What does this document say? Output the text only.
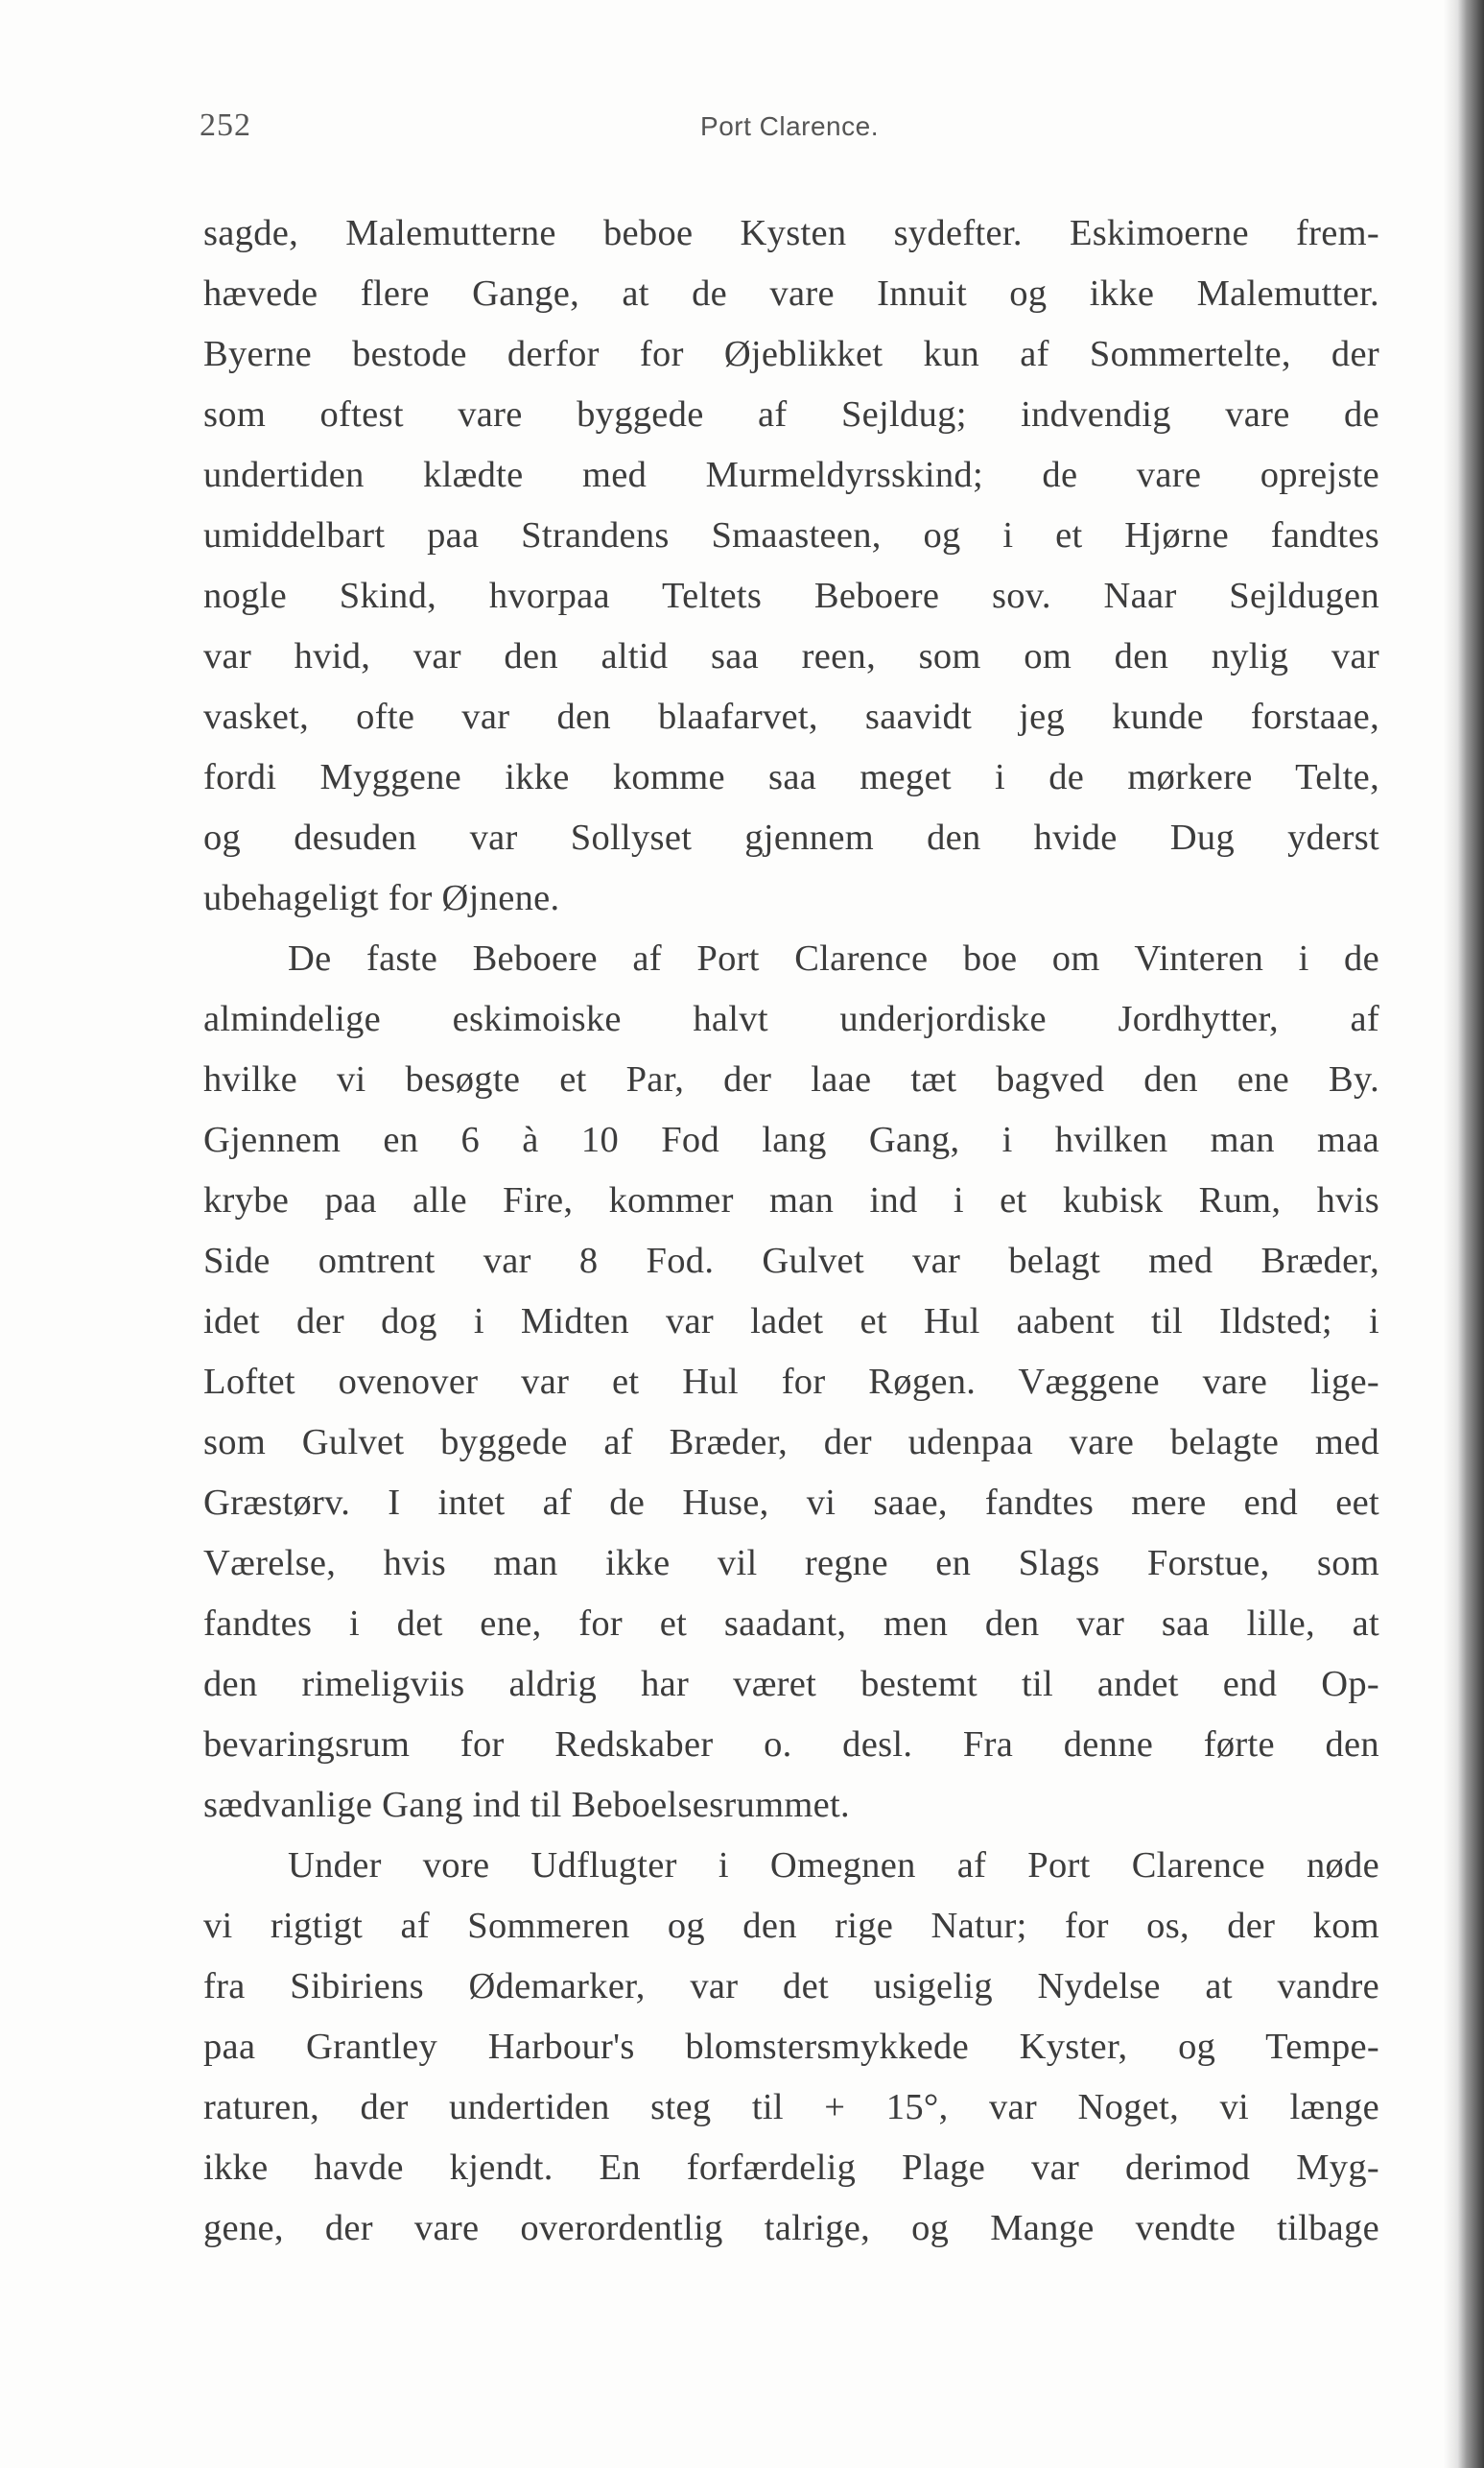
252	Port Clarence.
sagde, Malemutterne beboe Kysten sydefter. Eskimoerne frem-
hævede flere Gange, at de vare Innuit og ikke Malemutter.
Byerne bestode derfor for Øjeblikket kun af Sommertelte, der
som oftest vare byggede af Sejldug; indvendig vare de
undertiden klædte med Murmeldyrsskind; de vare oprejste
umiddelbart paa Strandens Smaasteen, og i et Hjørne fandtes
nogle Skind, hvorpaa Teltets Beboere sov. Naar Sejldugen
var hvid, var den altid saa reen, som om den nylig var
vasket, ofte var den blaafarvet, saavidt jeg kunde forstaae,
fordi Myggene ikke komme saa meget i de mørkere Telte,
og desuden var Sollyset gjennem den hvide Dug yderst
ubehageligt for Øjnene.
De faste Beboere af Port Clarence boe om Vinteren i de
almindelige eskimoiske halvt underjordiske Jordhytter, af
hvilke vi besøgte et Par, der laae tæt bagved den ene By.
Gjennem en 6 à 10 Fod lang Gang, i hvilken man maa
krybe paa alle Fire, kommer man ind i et kubisk Rum, hvis
Side omtrent var 8 Fod. Gulvet var belagt med Bræder,
idet der dog i Midten var ladet et Hul aabent til Ildsted; i
Loftet ovenover var et Hul for Røgen. Væggene vare lige-
som Gulvet byggede af Bræder, der udenpaa vare belagte med
Græstørv. I intet af de Huse, vi saae, fandtes mere end eet
Værelse, hvis man ikke vil regne en Slags Forstue, som
fandtes i det ene, for et saadant, men den var saa lille, at
den rimeligviis aldrig har været bestemt til andet end Op-
bevaringsrum for Redskaber o. desl. Fra denne førte den
sædvanlige Gang ind til Beboelsesrummet.
Under vore Udflugter i Omegnen af Port Clarence nøde
vi rigtigt af Sommeren og den rige Natur; for os, der kom
fra Sibiriens Ødemarker, var det usigelig Nydelse at vandre
paa Grantley Harbour's blomstersmykkede Kyster, og Tempe-
raturen, der undertiden steg til + 15°, var Noget, vi længe
ikke havde kjendt. En forfærdelig Plage var derimod Myg-
gene, der vare overordentlig talrige, og Mange vendte tilbage
